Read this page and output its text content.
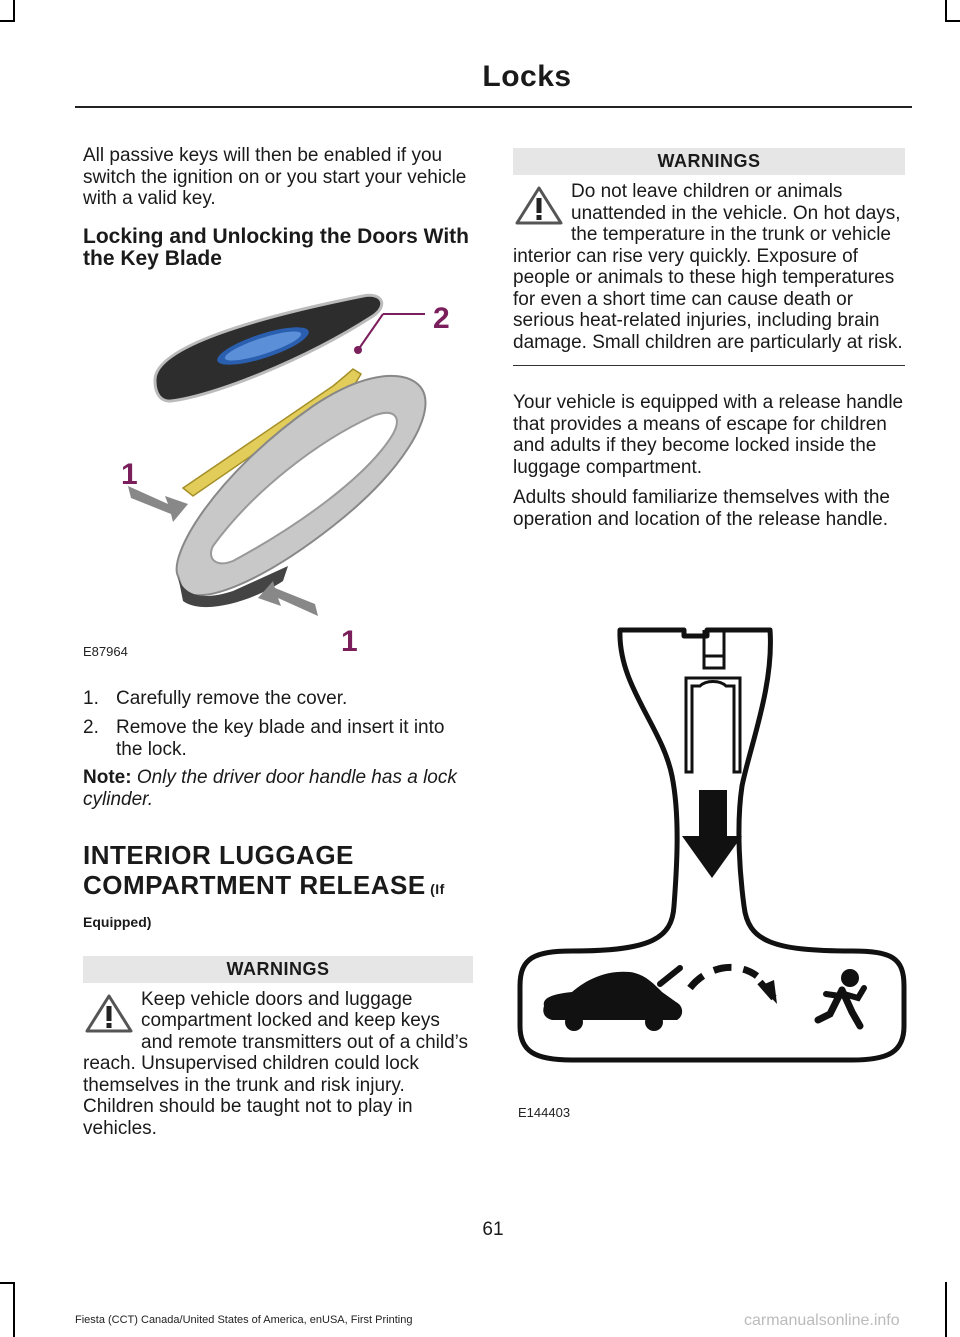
Locks

All passive keys will then be enabled if you switch the ignition on or you start your vehicle with a valid key.

Locking and Unlocking the Doors With the Key Blade

2
1
1
E87964
1. Carefully remove the cover.
2. Remove the key blade and insert it into the lock.

Note: Only the driver door handle has a lock cylinder.

INTERIOR LUGGAGE

COMPARTMENT RELEASE (If

Equipped)

WARNINGS
Keep vehicle doors and luggage compartment locked and keep keys and remote transmitters out of a child’s reach. Unsupervised children could lock themselves in the trunk and risk injury. Children should be taught not to play in vehicles.
WARNINGS
Do not leave children or animals unattended in the vehicle. On hot days, the temperature in the trunk or vehicle interior can rise very quickly. Exposure of people or animals to these high temperatures for even a short time can cause death or serious heat-related injuries, including brain damage. Small children are particularly at risk.

Your vehicle is equipped with a release handle that provides a means of escape for children and adults if they become locked inside the luggage compartment.

Adults should familiarize themselves with the operation and location of the release handle.

E144403
61
Fiesta (CCT) Canada/United States of America, enUSA, First Printing	carmanualsonline.info
